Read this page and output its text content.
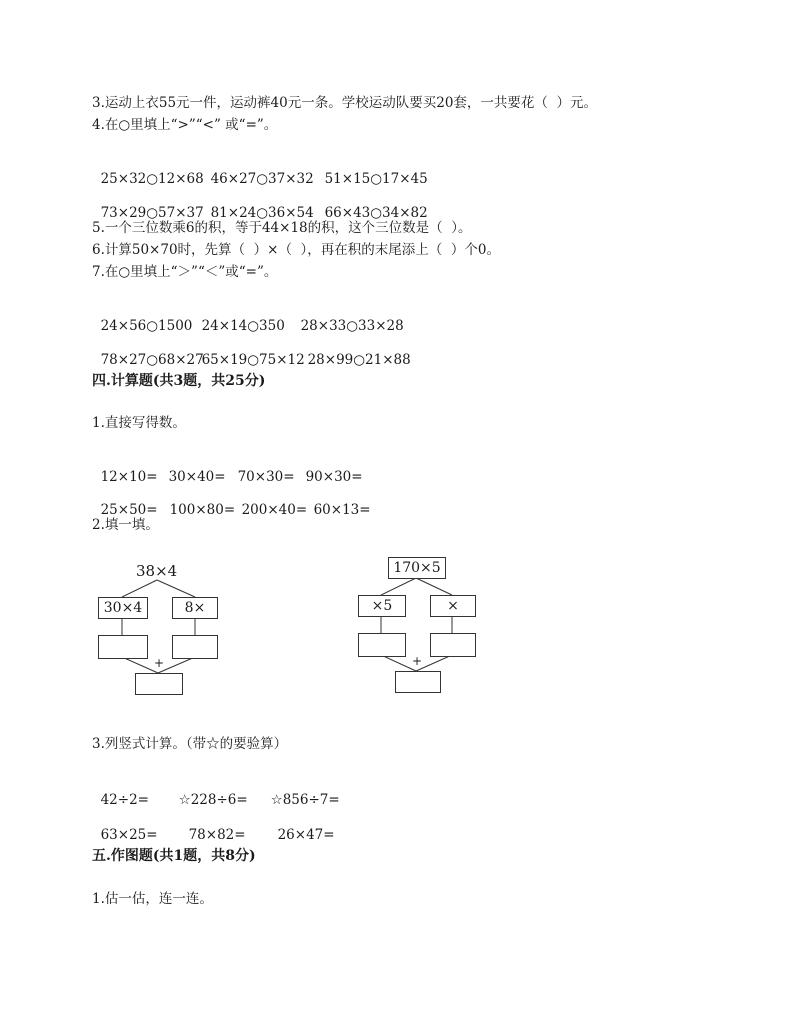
3.运动上衣55元一件，运动裤40元一条。学校运动队要买20套，一共要花（  ）元。
4.在○里填上“>”“<” 或“=”。

25×32○12×68 46×27○37×32 51×15○17×45

73×29○57×37 81×24○36×54 66×43○34×82

5.一个三位数乘6的积，等于44×18的积，这个三位数是（  ）。
6.计算50×70时，先算（  ）×（  ），再在积的末尾添上（  ）个0。
7.在○里填上“＞”“＜”或“=”。

24×56○1500 24×14○350 28×33○33×28

78×27○68×2765×19○75×12 28×99○21×88

四.计算题(共3题，共25分)
1.直接写得数。

12×10= 30×40= 70×30= 90×30=

25×50= 100×80= 200×40= 60×13=

2.填一填。
38×4
30×4	8×
+
170×5
×5	×
+
3.列竖式计算。（带☆的要验算）

42÷2= ☆228÷6= ☆856÷7=

63×25= 78×82= 26×47=

五.作图题(共1题，共8分)
1.估一估，连一连。
